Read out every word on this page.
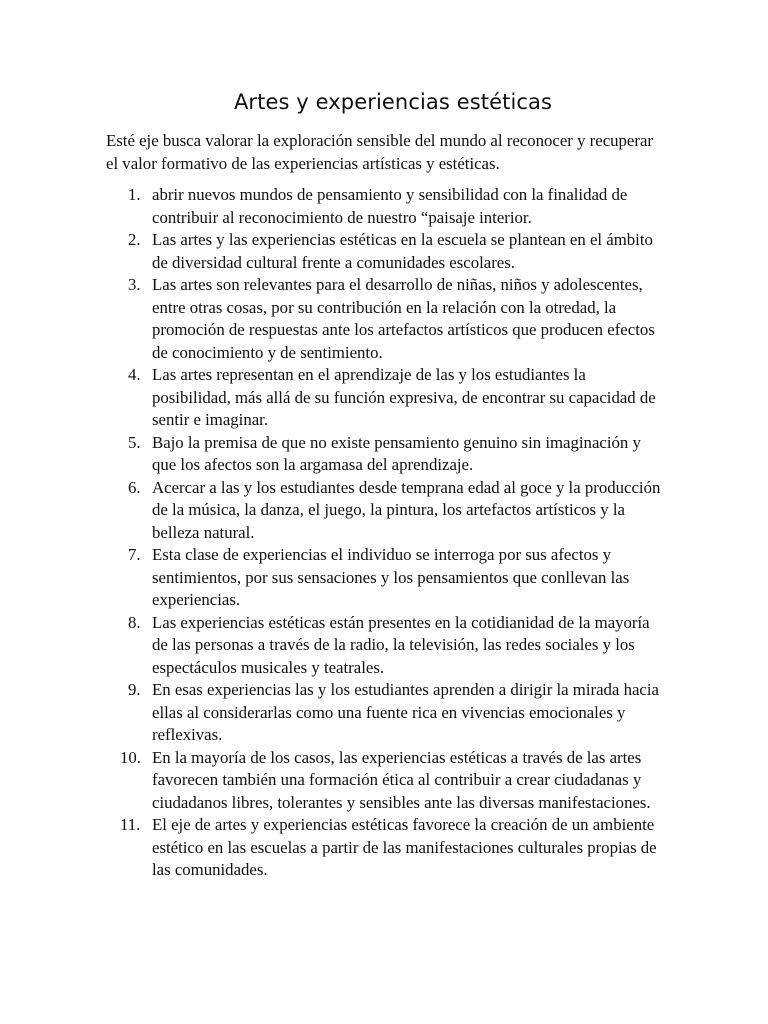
Artes y experiencias estéticas

Esté eje busca valorar la exploración sensible del mundo al reconocer y recuperar el valor formativo de las experiencias artísticas y estéticas.

1. abrir nuevos mundos de pensamiento y sensibilidad con la finalidad de contribuir al reconocimiento de nuestro “paisaje interior.
2. Las artes y las experiencias estéticas en la escuela se plantean en el ámbito de diversidad cultural frente a comunidades escolares.
3. Las artes son relevantes para el desarrollo de niñas, niños y adolescentes, entre otras cosas, por su contribución en la relación con la otredad, la promoción de respuestas ante los artefactos artísticos que producen efectos de conocimiento y de sentimiento.
4. Las artes representan en el aprendizaje de las y los estudiantes la posibilidad, más allá de su función expresiva, de encontrar su capacidad de sentir e imaginar.
5. Bajo la premisa de que no existe pensamiento genuino sin imaginación y que los afectos son la argamasa del aprendizaje.
6. Acercar a las y los estudiantes desde temprana edad al goce y la producción de la música, la danza, el juego, la pintura, los artefactos artísticos y la belleza natural.
7. Esta clase de experiencias el individuo se interroga por sus afectos y sentimientos, por sus sensaciones y los pensamientos que conllevan las experiencias.
8. Las experiencias estéticas están presentes en la cotidianidad de la mayoría de las personas a través de la radio, la televisión, las redes sociales y los espectáculos musicales y teatrales.
9. En esas experiencias las y los estudiantes aprenden a dirigir la mirada hacia ellas al considerarlas como una fuente rica en vivencias emocionales y reflexivas.
10. En la mayoría de los casos, las experiencias estéticas a través de las artes favorecen también una formación ética al contribuir a crear ciudadanas y ciudadanos libres, tolerantes y sensibles ante las diversas manifestaciones.
11. El eje de artes y experiencias estéticas favorece la creación de un ambiente estético en las escuelas a partir de las manifestaciones culturales propias de las comunidades.
